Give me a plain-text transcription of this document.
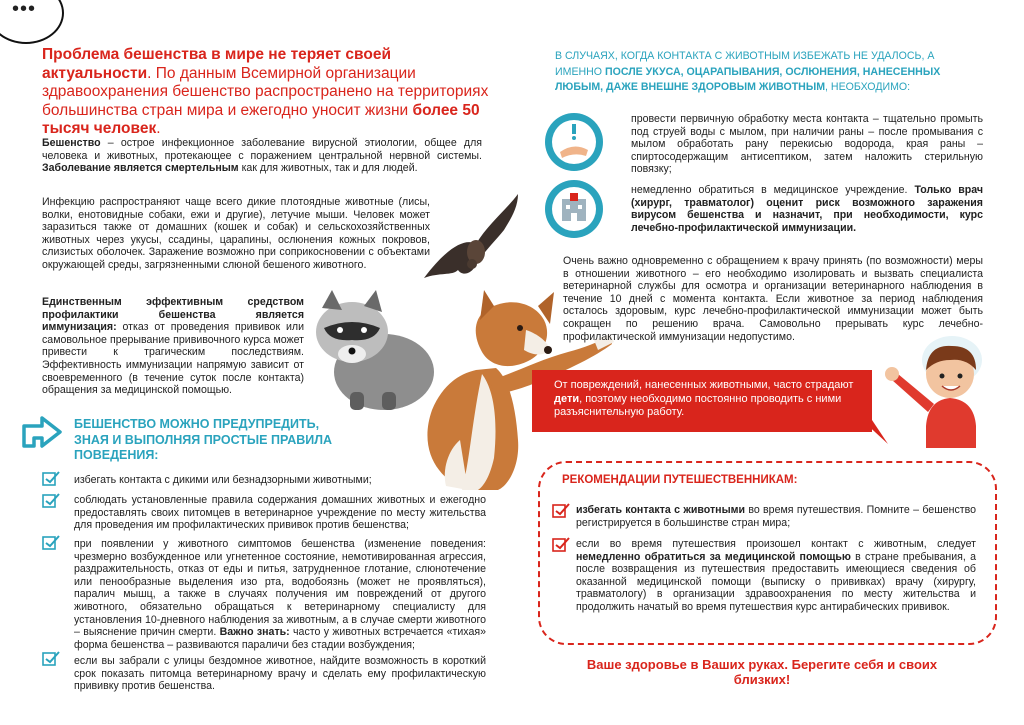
•••
Проблема бешенства в мире не теряет своей актуальности. По данным Всемирной организации здравоохранения бешенство распространено на территориях большинства стран мира и ежегодно уносит жизни более 50 тысяч человек.
Бешенство – острое инфекционное заболевание вирусной этиологии, общее для человека и животных, протекающее с поражением центральной нервной системы. Заболевание является смертельным как для животных, так и для людей.
Инфекцию распространяют чаще всего дикие плотоядные животные (лисы, волки, енотовидные собаки, ежи и другие), летучие мыши. Человек может заразиться также от домашних (кошек и собак) и сельскохозяйственных животных через укусы, ссадины, царапины, ослюнения кожных покровов, слизистых оболочек. Заражение возможно при соприкосновении с объектами окружающей среды, загрязненными слюной бешеного животного.
Единственным эффективным средством профилактики бешенства является иммунизация: отказ от проведения прививок или самовольное прерывание прививочного курса может привести к трагическим последствиям. Эффективность иммунизации напрямую зависит от своевременного (в течение суток после контакта) обращения за медицинской помощью.
БЕШЕНСТВО МОЖНО ПРЕДУПРЕДИТЬ, ЗНАЯ И ВЫПОЛНЯЯ ПРОСТЫЕ ПРАВИЛА ПОВЕДЕНИЯ:
избегать контакта с дикими или безнадзорными животными;
соблюдать установленные правила содержания домашних животных и ежегодно предоставлять своих питомцев в ветеринарное учреждение по месту жительства для проведения им профилактических прививок против бешенства;
при появлении у животного симптомов бешенства (изменение поведения: чрезмерно возбужденное или угнетенное состояние, немотивированная агрессия, раздражительность, отказ от еды и питья, затрудненное глотание, слюнотечение или пенообразные выделения изо рта, водобоязнь (может не проявляться), паралич мышц, а также в случаях получения им повреждений от другого животного, обязательно обращаться к ветеринарному специалисту для установления 10-дневного наблюдения за животным, а в случае смерти животного – выяснение причин смерти. Важно знать: часто у животных встречается «тихая» форма бешенства – развиваются параличи без стадии возбуждения;
если вы забрали с улицы бездомное животное, найдите возможность в короткий срок показать питомца ветеринарному врачу и сделать ему профилактическую прививку против бешенства.
В СЛУЧАЯХ, КОГДА КОНТАКТА С ЖИВОТНЫМ ИЗБЕЖАТЬ НЕ УДАЛОСЬ, А ИМЕННО ПОСЛЕ УКУСА, ОЦАРАПЫВАНИЯ, ОСЛЮНЕНИЯ, НАНЕСЕННЫХ ЛЮБЫМ, ДАЖЕ ВНЕШНЕ ЗДОРОВЫМ ЖИВОТНЫМ, НЕОБХОДИМО:
провести первичную обработку места контакта – тщательно промыть под струей воды с мылом, при наличии раны – после промывания с мылом обработать рану перекисью водорода, края раны – спиртосодержащим антисептиком, затем наложить стерильную повязку;
немедленно обратиться в медицинское учреждение. Только врач (хирург, травматолог) оценит риск возможного заражения вирусом бешенства и назначит, при необходимости, курс лечебно-профилактической иммунизации.
Очень важно одновременно с обращением к врачу принять (по возможности) меры в отношении животного – его необходимо изолировать и вызвать специалиста ветеринарной службы для осмотра и организации ветеринарного наблюдения в течение 10 дней с момента контакта. Если животное за период наблюдения осталось здоровым, курс лечебно-профилактической иммунизации может быть сокращен по решению врача. Самовольно прерывать курс лечебно-профилактической иммунизации недопустимо.
От повреждений, нанесенных животными, часто страдают дети, поэтому необходимо постоянно проводить с ними разъяснительную работу.
РЕКОМЕНДАЦИИ ПУТЕШЕСТВЕННИКАМ:
избегать контакта с животными во время путешествия. Помните – бешенство регистрируется в большинстве стран мира;
если во время путешествия произошел контакт с животным, следует немедленно обратиться за медицинской помощью в стране пребывания, а после возвращения из путешествия предоставить имеющиеся сведения об оказанной медицинской помощи (выписку о прививках) врачу (хирургу, травматологу) в организации здравоохранения по месту жительства и продолжить начатый во время путешествия курс антирабических прививок.
Ваше здоровье в Ваших руках. Берегите себя и своих близких!
